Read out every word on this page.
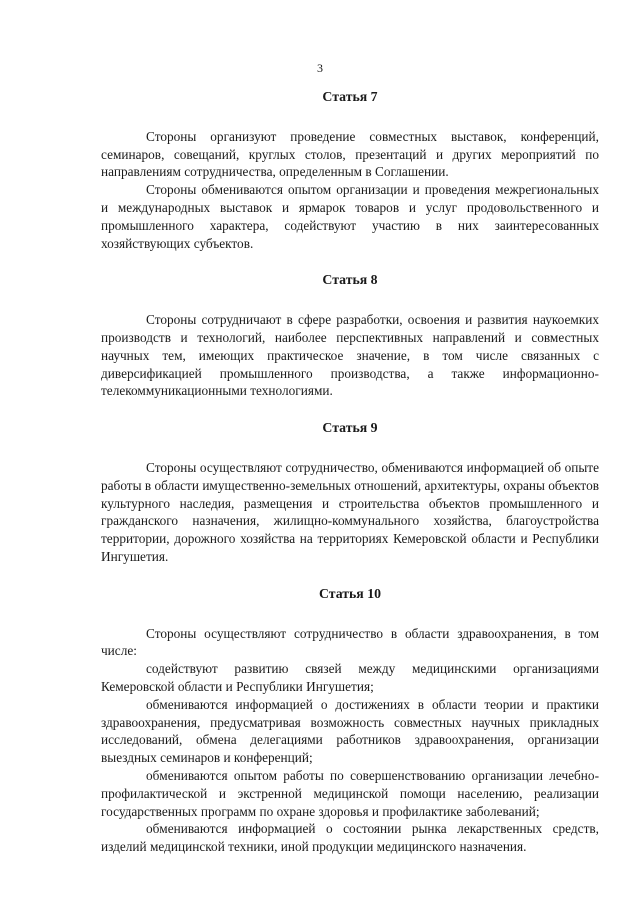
3
Статья 7

Стороны организуют проведение совместных выставок, конференций, семинаров, совещаний, круглых столов, презентаций и других мероприятий по направлениям сотрудничества, определенным в Соглашении.

Стороны обмениваются опытом организации и проведения межрегиональных и международных выставок и ярмарок товаров и услуг продовольственного и промышленного характера, содействуют участию в них заинтересованных хозяйствующих субъектов.

Статья 8

Стороны сотрудничают в сфере разработки, освоения и развития наукоемких производств и технологий, наиболее перспективных направлений и совместных научных тем, имеющих практическое значение, в том числе связанных с диверсификацией промышленного производства, а также информационно-телекоммуникационными технологиями.

Статья 9

Стороны осуществляют сотрудничество, обмениваются информацией об опыте работы в области имущественно-земельных отношений, архитектуры, охраны объектов культурного наследия, размещения и строительства объектов промышленного и гражданского назначения, жилищно-коммунального хозяйства, благоустройства территории, дорожного хозяйства на территориях Кемеровской области и Республики Ингушетия.

Статья 10

Стороны осуществляют сотрудничество в области здравоохранения, в том числе:

содействуют развитию связей между медицинскими организациями Кемеровской области и Республики Ингушетия;

обмениваются информацией о достижениях в области теории и практики здравоохранения, предусматривая возможность совместных научных прикладных исследований, обмена делегациями работников здравоохранения, организации выездных семинаров и конференций;

обмениваются опытом работы по совершенствованию организации лечебно-профилактической и экстренной медицинской помощи населению, реализации государственных программ по охране здоровья и профилактике заболеваний;

обмениваются информацией о состоянии рынка лекарственных средств, изделий медицинской техники, иной продукции медицинского назначения.
